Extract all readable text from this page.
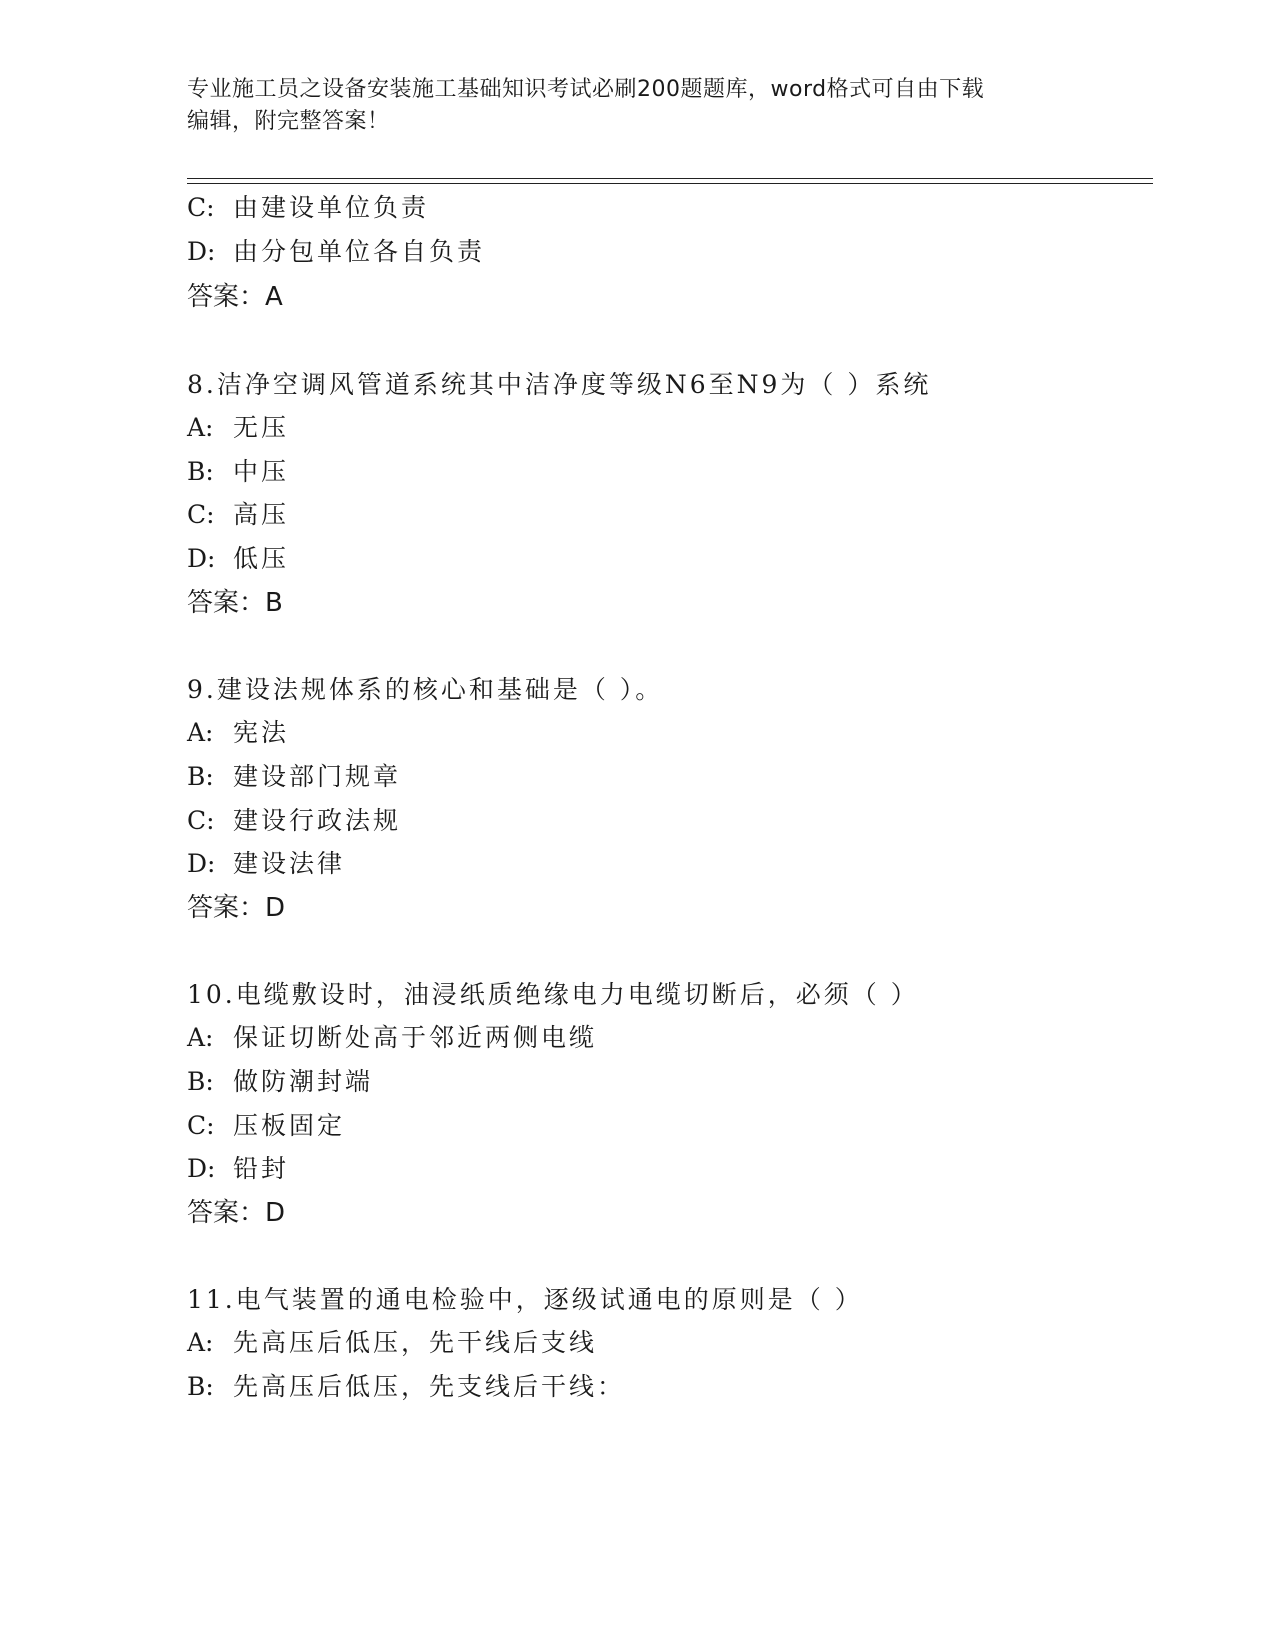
专业施工员之设备安装施工基础知识考试必刷200题题库，word格式可自由下载
编辑，附完整答案！
C: 由建设单位负责
D: 由分包单位各自负责
答案：A
8.洁净空调风管道系统其中洁净度等级N6至N9为（ ）系统
A: 无压
B: 中压
C: 高压
D: 低压
答案：B
9.建设法规体系的核心和基础是（ ）。
A: 宪法
B: 建设部门规章
C: 建设行政法规
D: 建设法律
答案：D
10.电缆敷设时，油浸纸质绝缘电力电缆切断后，必须（ ）
A: 保证切断处高于邻近两侧电缆
B: 做防潮封端
C: 压板固定
D: 铅封
答案：D
11.电气装置的通电检验中，逐级试通电的原则是（ ）
A: 先高压后低压，先干线后支线
B: 先高压后低压，先支线后干线：
